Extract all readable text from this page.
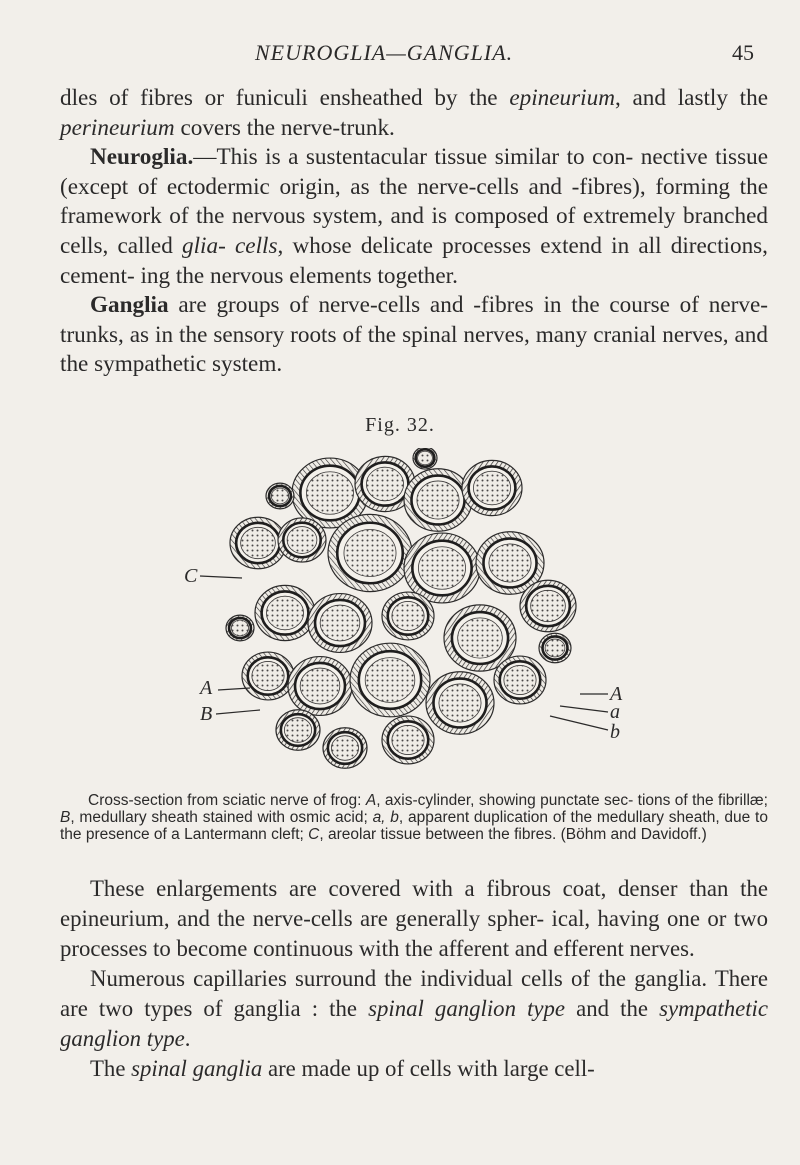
NEUROGLIA—GANGLIA.	45

dles of fibres or funiculi ensheathed by the epineurium, and lastly the perineurium covers the nerve-trunk.

Neuroglia.—This is a sustentacular tissue similar to con- nective tissue (except of ectodermic origin, as the nerve-cells and -fibres), forming the framework of the nervous system, and is composed of extremely branched cells, called glia- cells, whose delicate processes extend in all directions, cement- ing the nervous elements together.

Ganglia are groups of nerve-cells and -fibres in the course of nerve-trunks, as in the sensory roots of the spinal nerves, many cranial nerves, and the sympathetic system.

Fig. 32.
C
A
B
A
a
b
Cross-section from sciatic nerve of frog: A, axis-cylinder, showing punctate sec- tions of the fibrillæ; B, medullary sheath stained with osmic acid; a, b, apparent duplication of the medullary sheath, due to the presence of a Lantermann cleft; C, areolar tissue between the fibres. (Böhm and Davidoff.)

These enlargements are covered with a fibrous coat, denser than the epineurium, and the nerve-cells are generally spher- ical, having one or two processes to become continuous with the afferent and efferent nerves.

Numerous capillaries surround the individual cells of the ganglia. There are two types of ganglia : the spinal ganglion type and the sympathetic ganglion type.

The spinal ganglia are made up of cells with large cell-
